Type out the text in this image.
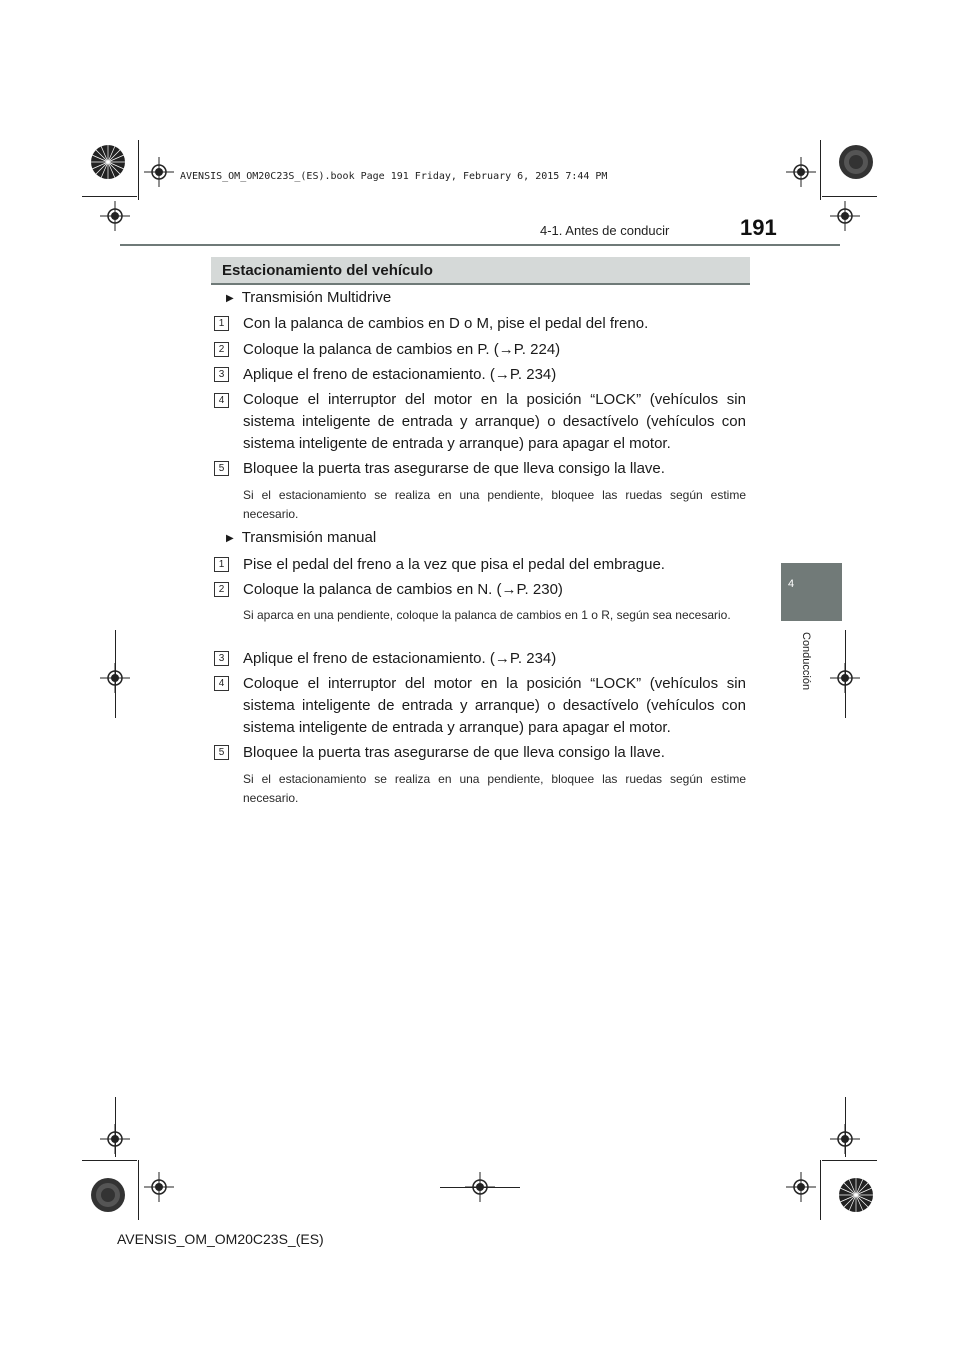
AVENSIS_OM_OM20C23S_(ES).book Page 191 Friday, February 6, 2015 7:44 PM
4-1. Antes de conducir	191
4
Conducción
Estacionamiento del vehículo
▶ Transmisión Multidrive
1	Con la palanca de cambios en D o M, pise el pedal del freno.
2	Coloque la palanca de cambios en P. (→P. 224)
3	Aplique el freno de estacionamiento. (→P. 234)
4	Coloque el interruptor del motor en la posición “LOCK” (vehículos sin sistema inteligente de entrada y arranque) o desactívelo (vehículos con sistema inteligente de entrada y arranque) para apagar el motor.
5	Bloquee la puerta tras asegurarse de que lleva consigo la llave.
Si el estacionamiento se realiza en una pendiente, bloquee las ruedas según estime necesario.
▶ Transmisión manual
1	Pise el pedal del freno a la vez que pisa el pedal del embrague.
2	Coloque la palanca de cambios en N. (→P. 230)
Si aparca en una pendiente, coloque la palanca de cambios en 1 o R, según sea necesario.
3	Aplique el freno de estacionamiento. (→P. 234)
4	Coloque el interruptor del motor en la posición “LOCK” (vehículos sin sistema inteligente de entrada y arranque) o desactívelo (vehículos con sistema inteligente de entrada y arranque) para apagar el motor.
5	Bloquee la puerta tras asegurarse de que lleva consigo la llave.
Si el estacionamiento se realiza en una pendiente, bloquee las ruedas según estime necesario.
AVENSIS_OM_OM20C23S_(ES)
